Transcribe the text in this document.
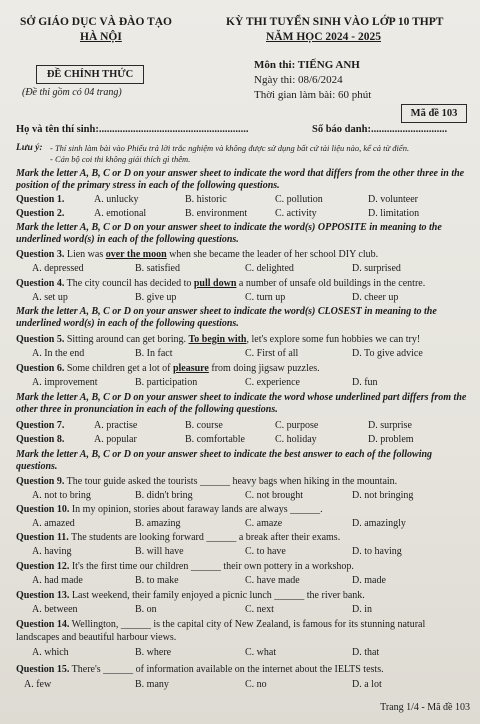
SỞ GIÁO DỤC VÀ ĐÀO TẠO
HÀ NỘI
KỲ THI TUYỂN SINH VÀO LỚP 10 THPT
NĂM HỌC 2024 - 2025
ĐỀ CHÍNH THỨC
(Đề thi gồm có 04 trang)
Môn thi: TIẾNG ANH
Ngày thi: 08/6/2024
Thời gian làm bài: 60 phút
Mã đề 103
Họ và tên thí sinh:.........................................................	Số báo danh:.............................
Lưu ý: - Thí sinh làm bài vào Phiếu trả lời trắc nghiệm và không được sử dụng bất cứ tài liệu nào, kể cả từ điển.
- Cán bộ coi thi không giải thích gì thêm.
Mark the letter A, B, C or D on your answer sheet to indicate the word that differs from the other three in the position of the primary stress in each of the following questions.
Question 1.	A. unlucky	B. historic	C. pollution	D. volunteer
Question 2.	A. emotional	B. environment	C. activity	D. limitation
Mark the letter A, B, C or D on your answer sheet to indicate the word(s) OPPOSITE in meaning to the underlined word(s) in each of the following questions.
Question 3. Lien was over the moon when she became the leader of her school DIY club.
A. depressed	B. satisfied	C. delighted	D. surprised
Question 4. The city council has decided to pull down a number of unsafe old buildings in the centre.
A. set up	B. give up	C. turn up	D. cheer up
Mark the letter A, B, C or D on your answer sheet to indicate the word(s) CLOSEST in meaning to the underlined word(s) in each of the following questions.
Question 5. Sitting around can get boring. To begin with, let's explore some fun hobbies we can try!
A. In the end	B. In fact	C. First of all	D. To give advice
Question 6. Some children get a lot of pleasure from doing jigsaw puzzles.
A. improvement	B. participation	C. experience	D. fun
Mark the letter A, B, C or D on your answer sheet to indicate the word whose underlined part differs from the other three in pronunciation in each of the following questions.
Question 7.	A. practise	B. course	C. purpose	D. surprise
Question 8.	A. popular	B. comfortable	C. holiday	D. problem
Mark the letter A, B, C or D on your answer sheet to indicate the best answer to each of the following questions.
Question 9. The tour guide asked the tourists ______ heavy bags when hiking in the mountain.
A. not to bring	B. didn't bring	C. not brought	D. not bringing
Question 10. In my opinion, stories about faraway lands are always ______.
A. amazed	B. amazing	C. amaze	D. amazingly
Question 11. The students are looking forward ______ a break after their exams.
A. having	B. will have	C. to have	D. to having
Question 12. It's the first time our children ______ their own pottery in a workshop.
A. had made	B. to make	C. have made	D. made
Question 13. Last weekend, their family enjoyed a picnic lunch ______ the river bank.
A. between	B. on	C. next	D. in
Question 14. Wellington, ______ is the capital city of New Zealand, is famous for its stunning natural
landscapes and beautiful harbour views.
A. which	B. where	C. what	D. that
Question 15. There's ______ of information available on the internet about the IELTS tests.
A. few	B. many	C. no	D. a lot
Trang 1/4 - Mã đề 103
